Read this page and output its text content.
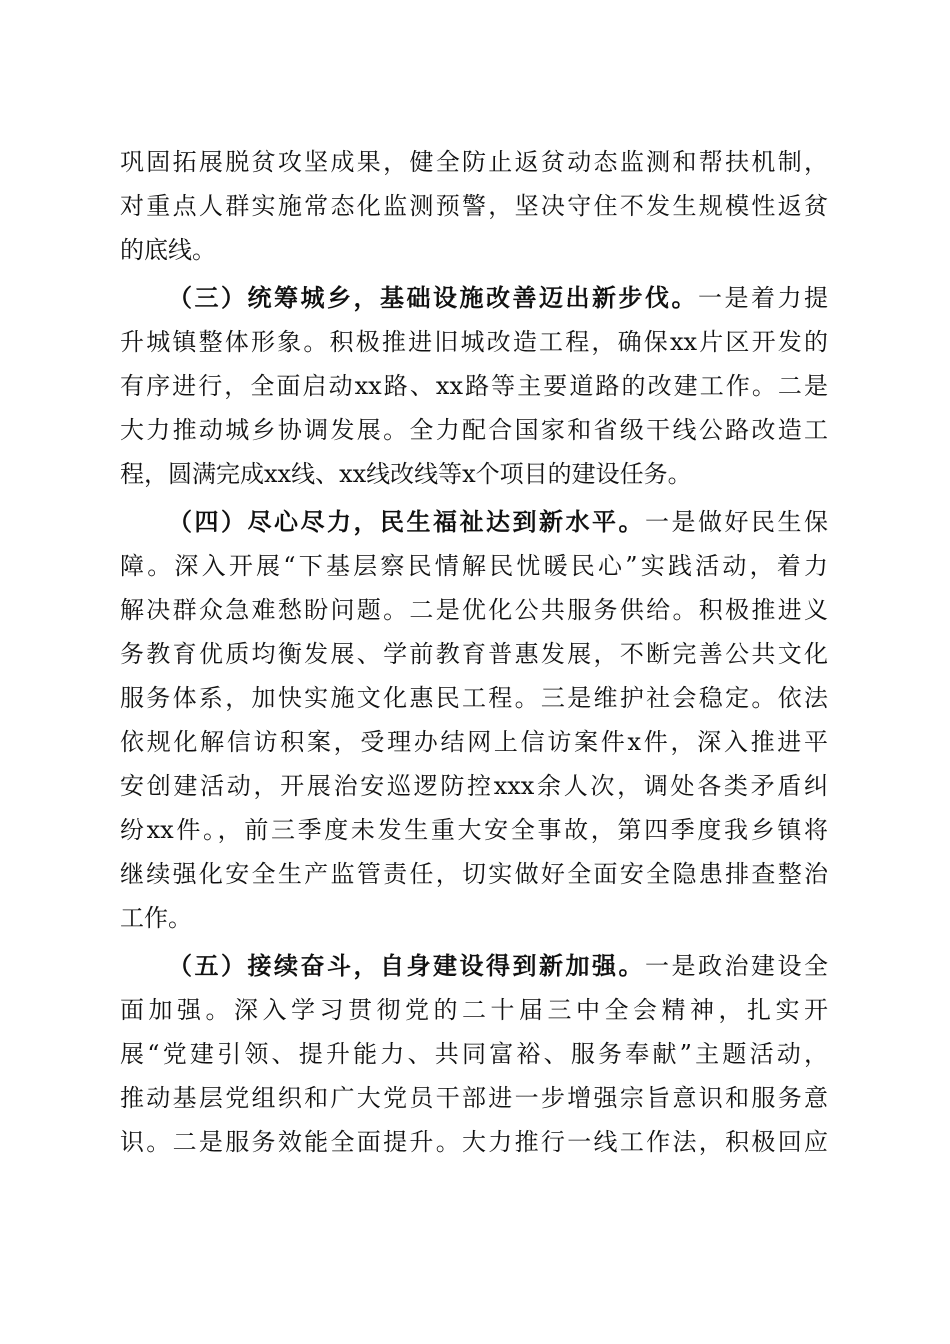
巩固拓展脱贫攻坚成果，健全防止返贫动态监测和帮扶机制，
对重点人群实施常态化监测预警，坚决守住不发生规模性返贫
的底线。
（三）统筹城乡，基础设施改善迈出新步伐。一是着力提
升城镇整体形象。积极推进旧城改造工程，确保xx片区开发的
有序进行，全面启动xx路、xx路等主要道路的改建工作。二是
大力推动城乡协调发展。全力配合国家和省级干线公路改造工
程，圆满完成xx线、xx线改线等x个项目的建设任务。
（四）尽心尽力，民生福祉达到新水平。一是做好民生保
障。深入开展“下基层察民情解民忧暖民心”实践活动，着力
解决群众急难愁盼问题。二是优化公共服务供给。积极推进义
务教育优质均衡发展、学前教育普惠发展，不断完善公共文化
服务体系，加快实施文化惠民工程。三是维护社会稳定。依法
依规化解信访积案，受理办结网上信访案件x件，深入推进平
安创建活动，开展治安巡逻防控xxx余人次，调处各类矛盾纠
纷xx件。，前三季度未发生重大安全事故，第四季度我乡镇将
继续强化安全生产监管责任，切实做好全面安全隐患排查整治
工作。
（五）接续奋斗，自身建设得到新加强。一是政治建设全
面加强。深入学习贯彻党的二十届三中全会精神，扎实开
展“党建引领、提升能力、共同富裕、服务奉献”主题活动，
推动基层党组织和广大党员干部进一步增强宗旨意识和服务意
识。二是服务效能全面提升。大力推行一线工作法，积极回应
